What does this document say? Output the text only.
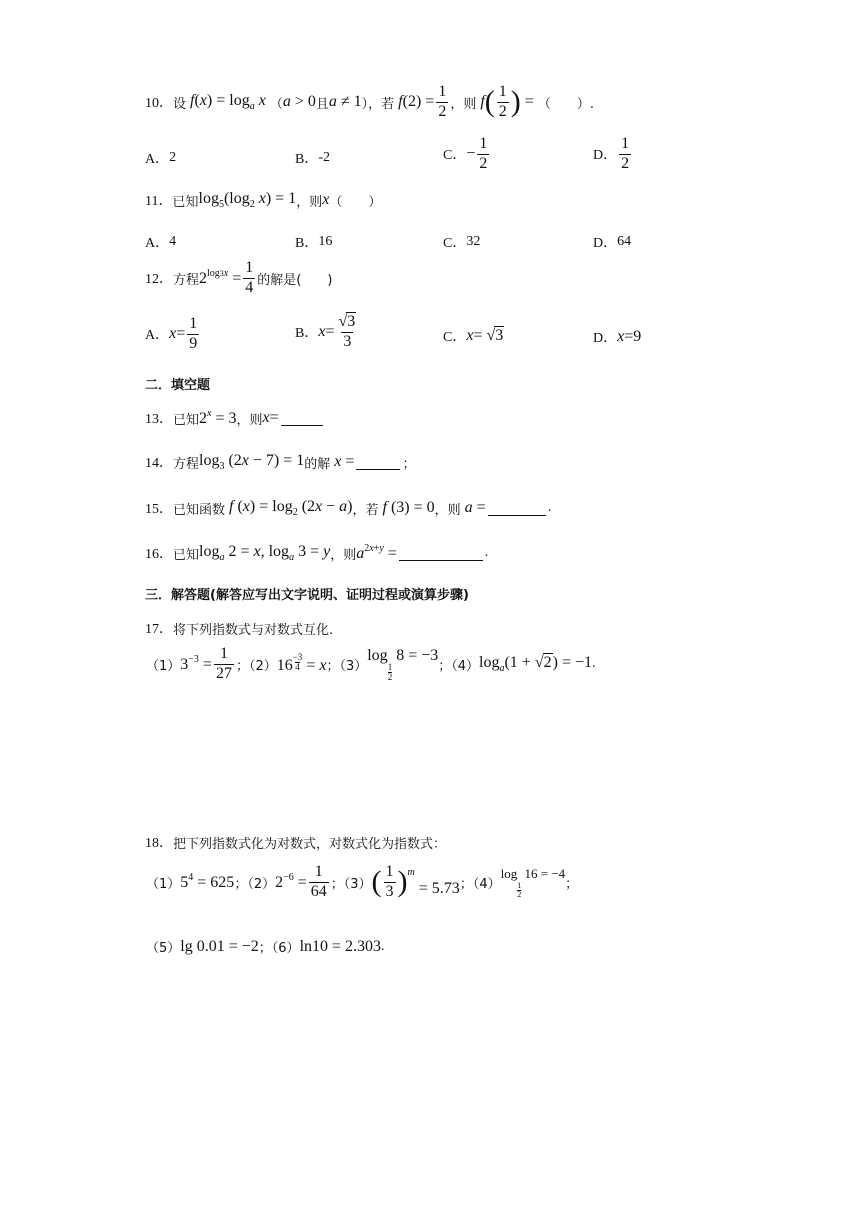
10． 设 $f(x) = \log_a x$ （ a > 0 且 a ≠ 1 ），若 $f(2) = \frac{1}{2}$ ，则 f ( $\frac{1}{2}$ ) = （　　）.
A． 2	B． -2	C． − $\frac{1}{2}$	D． $\frac{1}{2}$
11． 已知 $\log_5(\log_2$ x) = 1 ，则 x （　　）
A． 4	B． 16	C． 32	D． 64
12． 方程 $2^{log3x} = \frac{1}{4}$ 的解是(　　)
A． $x= \frac{1}{9}$	B． $x= \frac{√3}{3}$	C． x= √3	D． x=9
二．填空题
13． 已知 $2^x = 3$ ，则 x =
14． 方程 $\log_3 (2x - 7) = 1$ 的解 x =	；
15． 已知函数 f $(x) = \log_2 (2x - a)$ ，若 f (3) = 0 ，则 a =	.
16． 已知 $\log_a 2 = x$, $\log_a 3 = y$ ，则 $a^{2x+y}$ =	.
三．解答题(解答应写出文字说明、证明过程或演算步骤)
17． 将下列指数式与对数式互化.
（1） $3^{-3} = \frac{1}{27}$ ；（2） $16 \frac{-3}{4} = x$ ；（3）
log
$\frac{1}{2}$
8 = −3
；（4） $\log_a(1 + √2) = -1$ .
18． 把下列指数式化为对数式，对数式化为指数式：
（1） $5^4 = 625$ ；（2） $2^{-6} = \frac{1}{64}$ ；（3） ( $\frac{1}{3}$ ) $^m$ = 5.73 ；（4）
log
$\frac{1}{2}$
16 = −4
；
（5） lg 0.01 = −2 ；（6） ln10 = 2.303 .
